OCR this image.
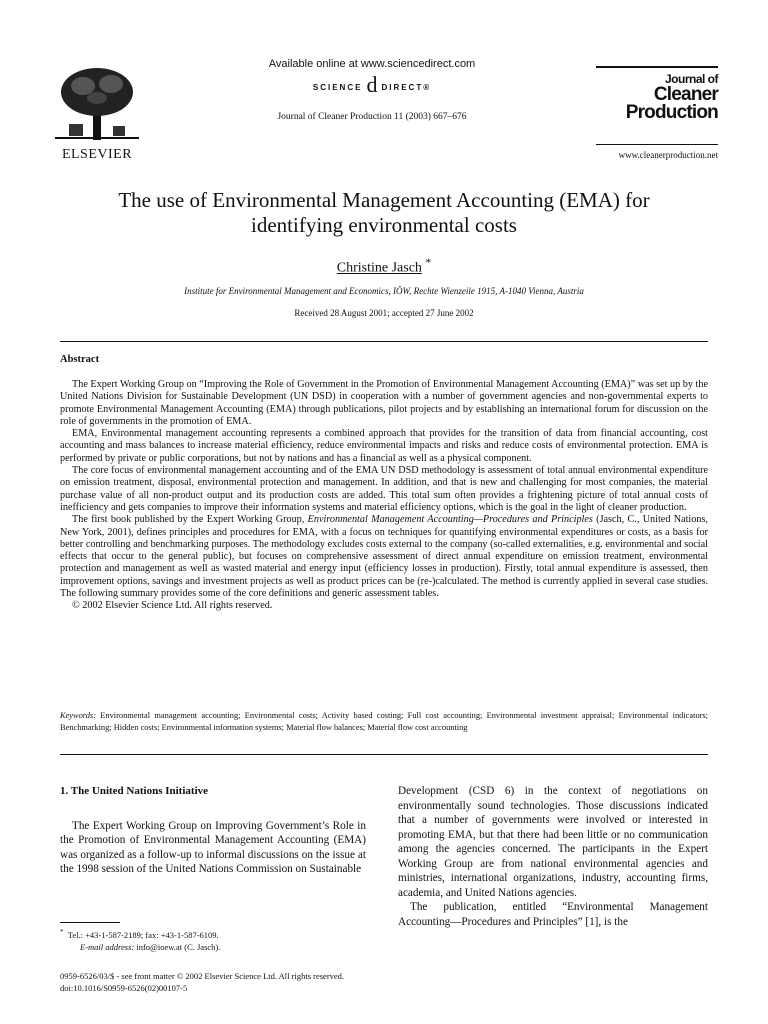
ELSEVIER
Available online at www.sciencedirect.com
SCIENCE d DIRECT®
Journal of Cleaner Production 11 (2003) 667–676
Journal of
Cleaner
Production
www.cleanerproduction.net
The use of Environmental Management Accounting (EMA) for
identifying environmental costs
Christine Jasch *
Institute for Environmental Management and Economics, IÖW, Rechte Wienzeile 1915, A-1040 Vienna, Austria
Received 28 August 2001; accepted 27 June 2002
Abstract

The Expert Working Group on “Improving the Role of Government in the Promotion of Environmental Management Accounting (EMA)” was set up by the United Nations Division for Sustainable Development (UN DSD) in cooperation with a number of government agencies and non-governmental experts to promote Environmental Management Accounting (EMA) through publications, pilot projects and by establishing an international forum for discussion on the role of governments in the promotion of EMA.

EMA, Environmental management accounting represents a combined approach that provides for the transition of data from financial accounting, cost accounting and mass balances to increase material efficiency, reduce environmental impacts and risks and reduce costs of environmental protection. EMA is performed by private or public corporations, but not by nations and has a financial as well as a physical component.

The core focus of environmental management accounting and of the EMA UN DSD methodology is assessment of total annual environmental expenditure on emission treatment, disposal, environmental protection and management. In addition, and that is new and challenging for most companies, the material purchase value of all non-product output and its production costs are added. This total sum often provides a frightening picture of total annual costs of inefficiency and gets companies to improve their information systems and material efficiency options, which is the goal in the light of cleaner production.

The first book published by the Expert Working Group, Environmental Management Accounting—Procedures and Principles (Jasch, C., United Nations, New York, 2001), defines principles and procedures for EMA, with a focus on techniques for quantifying environmental expenditures or costs, as a basis for better controlling and benchmarking purposes. The methodology excludes costs external to the company (so-called externalities, e.g. environmental and social effects that occur to the general public), but focuses on comprehensive assessment of direct annual expenditure on emission treatment, environmental protection and management as well as wasted material and energy input (efficiency losses in production). Firstly, total annual expenditure is assessed, then improvement options, savings and investment projects as well as product prices can be (re-)calculated. The method is currently applied in several case studies. The following summary provides some of the core definitions and generic assessment tables.

© 2002 Elsevier Science Ltd. All rights reserved.

Keywords: Environmental management accounting; Environmental costs; Activity based costing; Full cost accounting; Environmental investment appraisal; Environmental indicators; Benchmarking; Hidden costs; Environmental information systems; Material flow balances; Material flow cost accounting
1. The United Nations Initiative

The Expert Working Group on Improving Government’s Role in the Promotion of Environmental Management Accounting (EMA) was organized as a follow-up to informal discussions on the issue at the 1998 session of the United Nations Commission on Sustainable

Development (CSD 6) in the context of negotiations on environmentally sound technologies. Those discussions indicated that a number of governments were involved or interested in promoting EMA, but that there had been little or no communication among the agencies concerned. The participants in the Expert Working Group are from national environmental agencies and ministries, international organizations, industry, accounting firms, academia, and United Nations agencies.

The publication, entitled “Environmental Management Accounting—Procedures and Principles” [1], is the

* Tel.: +43-1-587-2189; fax: +43-1-587-6109.
E-mail address: info@ioew.at (C. Jasch).
0959-6526/03/$ - see front matter © 2002 Elsevier Science Ltd. All rights reserved.
doi:10.1016/S0959-6526(02)00107-5
